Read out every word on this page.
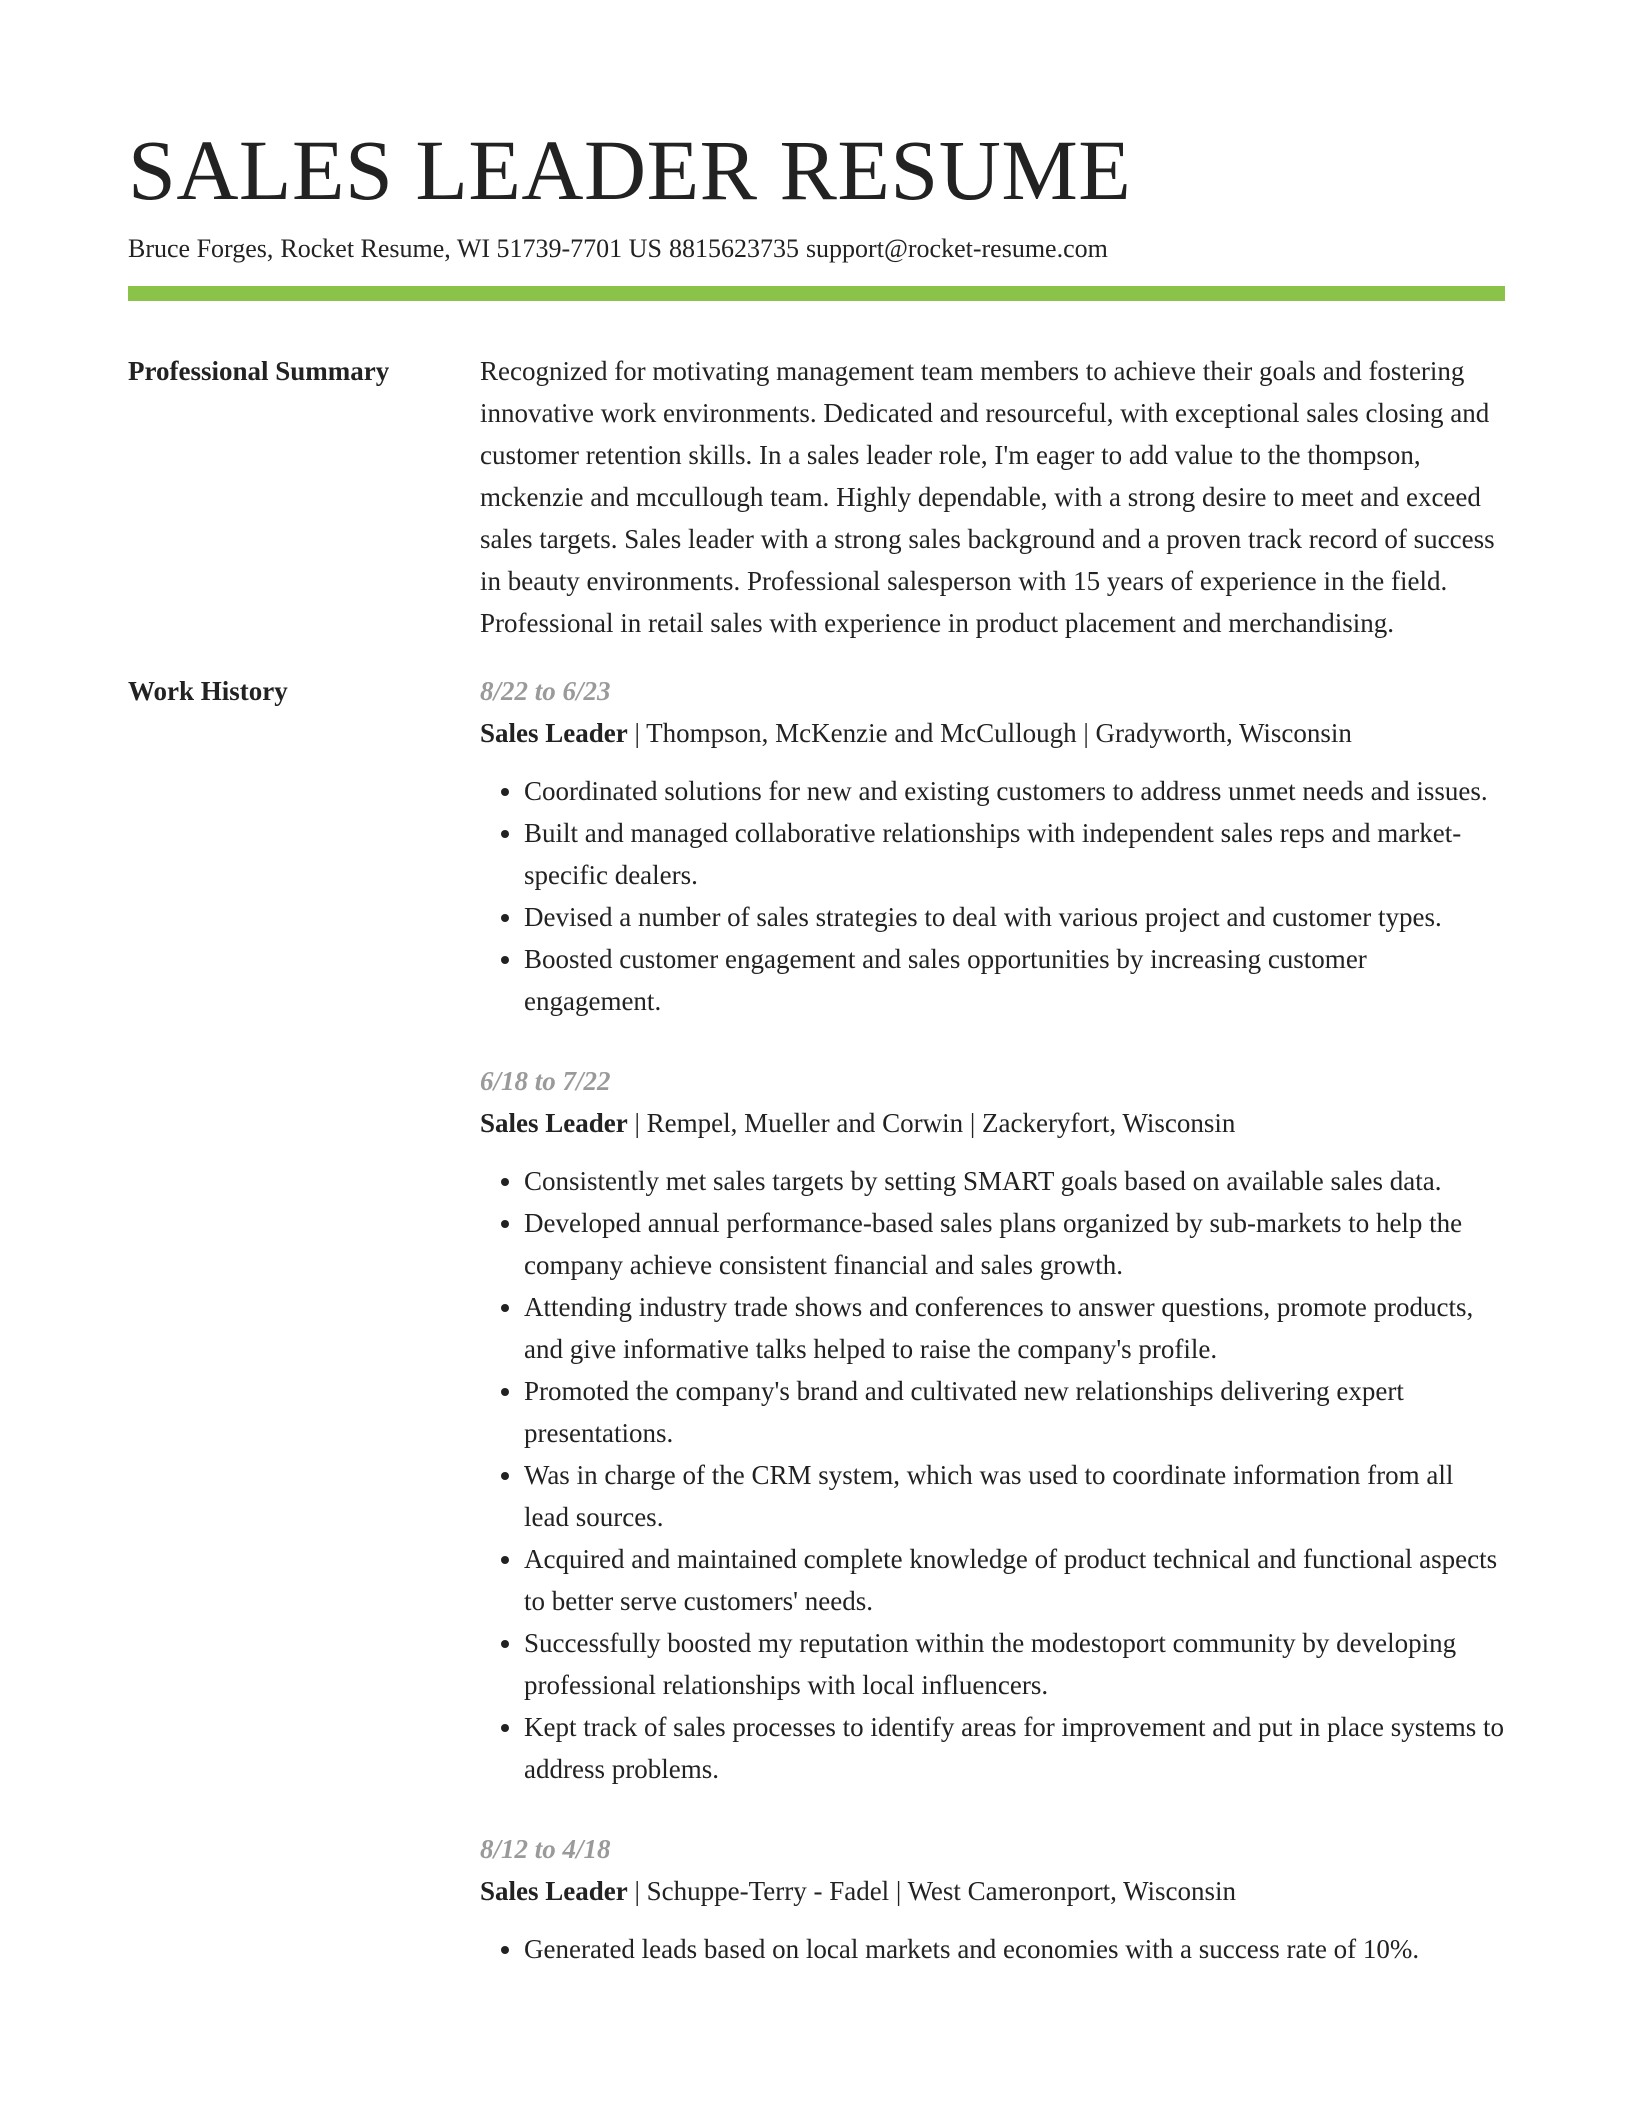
SALES LEADER RESUME
Bruce Forges, Rocket Resume, WI 51739-7701 US 8815623735 support@rocket-resume.com
Professional Summary	Recognized for motivating management team members to achieve their goals and fostering innovative work environments. Dedicated and resourceful, with exceptional sales closing and customer retention skills. In a sales leader role, I'm eager to add value to the thompson, mckenzie and mccullough team. Highly dependable, with a strong desire to meet and exceed sales targets. Sales leader with a strong sales background and a proven track record of success in beauty environments. Professional salesperson with 15 years of experience in the field. Professional in retail sales with experience in product placement and merchandising.

Work History	8/22 to 6/23
Sales Leader | Thompson, McKenzie and McCullough | Gradyworth, Wisconsin
• Coordinated solutions for new and existing customers to address unmet needs and issues.
• Built and managed collaborative relationships with independent sales reps and market-specific dealers.
• Devised a number of sales strategies to deal with various project and customer types.
• Boosted customer engagement and sales opportunities by increasing customer engagement.
6/18 to 7/22
Sales Leader | Rempel, Mueller and Corwin | Zackeryfort, Wisconsin
• Consistently met sales targets by setting SMART goals based on available sales data.
• Developed annual performance-based sales plans organized by sub-markets to help the company achieve consistent financial and sales growth.
• Attending industry trade shows and conferences to answer questions, promote products, and give informative talks helped to raise the company's profile.
• Promoted the company's brand and cultivated new relationships delivering expert presentations.
• Was in charge of the CRM system, which was used to coordinate information from all lead sources.
• Acquired and maintained complete knowledge of product technical and functional aspects to better serve customers' needs.
• Successfully boosted my reputation within the modestoport community by developing professional relationships with local influencers.
• Kept track of sales processes to identify areas for improvement and put in place systems to address problems.
8/12 to 4/18
Sales Leader | Schuppe-Terry - Fadel | West Cameronport, Wisconsin
• Generated leads based on local markets and economies with a success rate of 10%.
